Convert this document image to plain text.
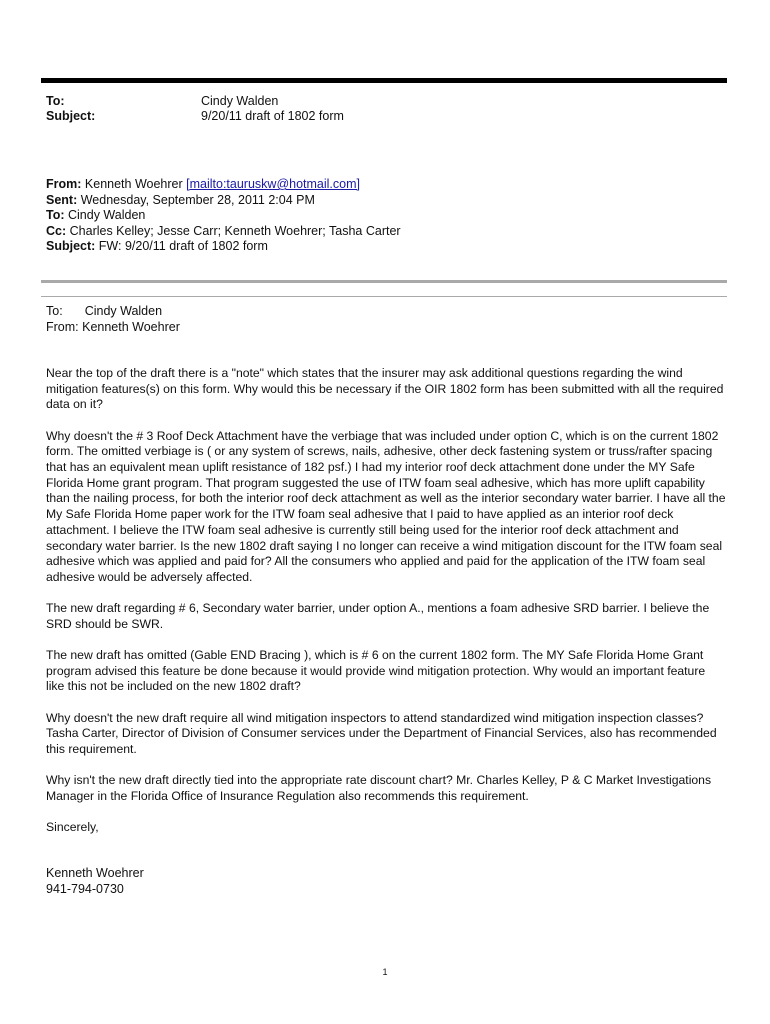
To:	Cindy Walden
Subject:	9/20/11 draft of 1802 form
From: Kenneth Woehrer [mailto:tauruskw@hotmail.com]
Sent: Wednesday, September 28, 2011 2:04 PM
To: Cindy Walden
Cc: Charles Kelley; Jesse Carr; Kenneth Woehrer; Tasha Carter
Subject: FW: 9/20/11 draft of 1802 form
To: Cindy Walden
From: Kenneth Woehrer

Near the top of the draft there is a "note" which states that the insurer may ask additional questions regarding the wind mitigation features(s) on this form. Why would this be necessary if the OIR 1802 form has been submitted with all the required data on it?

Why doesn't the # 3 Roof Deck Attachment have the verbiage that was included under option C, which is on the current 1802 form. The omitted verbiage is ( or any system of screws, nails, adhesive, other deck fastening system or truss/rafter spacing that has an equivalent mean uplift resistance of 182 psf.) I had my interior roof deck attachment done under the MY Safe Florida Home grant program. That program suggested the use of ITW foam seal adhesive, which has more uplift capability than the nailing process, for both the interior roof deck attachment as well as the interior secondary water barrier. I have all the My Safe Florida Home paper work for the ITW foam seal adhesive that I paid to have applied as an interior roof deck attachment. I believe the ITW foam seal adhesive is currently still being used for the interior roof deck attachment and secondary water barrier. Is the new 1802 draft saying I no longer can receive a wind mitigation discount for the ITW foam seal adhesive which was applied and paid for? All the consumers who applied and paid for the application of the ITW foam seal adhesive would be adversely affected.

The new draft regarding # 6, Secondary water barrier, under option A., mentions a foam adhesive SRD barrier. I believe the SRD should be SWR.

The new draft has omitted (Gable END Bracing ), which is # 6 on the current 1802 form. The MY Safe Florida Home Grant program advised this feature be done because it would provide wind mitigation protection. Why would an important feature like this not be included on the new 1802 draft?

Why doesn't the new draft require all wind mitigation inspectors to attend standardized wind mitigation inspection classes? Tasha Carter, Director of Division of Consumer services under the Department of Financial Services, also has recommended this requirement.

Why isn't the new draft directly tied into the appropriate rate discount chart? Mr. Charles Kelley, P & C Market Investigations Manager in the Florida Office of Insurance Regulation also recommends this requirement.

Sincerely,

Kenneth Woehrer
941-794-0730
1
